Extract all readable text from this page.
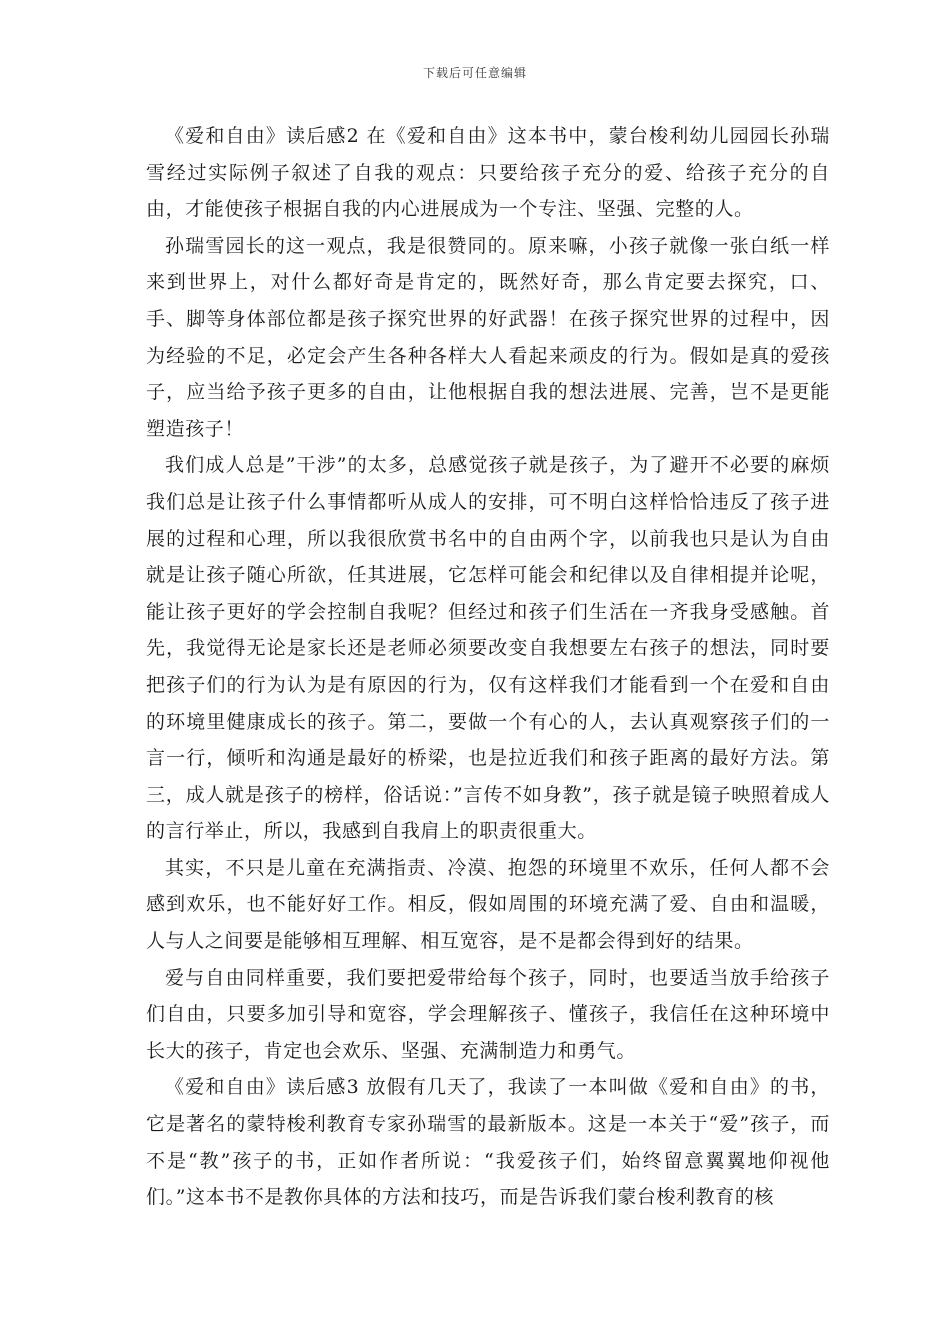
下载后可任意编辑

《爱和自由》读后感2 在《爱和自由》这本书中，蒙台梭利幼儿园园长孙瑞雪经过实际例子叙述了自我的观点：只要给孩子充分的爱、给孩子充分的自由，才能使孩子根据自我的内心进展成为一个专注、坚强、完整的人。

孙瑞雪园长的这一观点，我是很赞同的。原来嘛，小孩子就像一张白纸一样来到世界上，对什么都好奇是肯定的，既然好奇，那么肯定要去探究，口、手、脚等身体部位都是孩子探究世界的好武器！在孩子探究世界的过程中，因为经验的不足，必定会产生各种各样大人看起来顽皮的行为。假如是真的爱孩子，应当给予孩子更多的自由，让他根据自我的想法进展、完善，岂不是更能塑造孩子！

我们成人总是”干涉”的太多，总感觉孩子就是孩子，为了避开不必要的麻烦我们总是让孩子什么事情都听从成人的安排，可不明白这样恰恰违反了孩子进展的过程和心理，所以我很欣赏书名中的自由两个字，以前我也只是认为自由就是让孩子随心所欲，任其进展，它怎样可能会和纪律以及自律相提并论呢，能让孩子更好的学会控制自我呢？但经过和孩子们生活在一齐我身受感触。首先，我觉得无论是家长还是老师必须要改变自我想要左右孩子的想法，同时要把孩子们的行为认为是有原因的行为，仅有这样我们才能看到一个在爱和自由的环境里健康成长的孩子。第二，要做一个有心的人，去认真观察孩子们的一言一行，倾听和沟通是最好的桥梁，也是拉近我们和孩子距离的最好方法。第三，成人就是孩子的榜样，俗话说：”言传不如身教”，孩子就是镜子映照着成人的言行举止，所以，我感到自我肩上的职责很重大。

其实，不只是儿童在充满指责、冷漠、抱怨的环境里不欢乐，任何人都不会感到欢乐，也不能好好工作。相反，假如周围的环境充满了爱、自由和温暖，人与人之间要是能够相互理解、相互宽容，是不是都会得到好的结果。

爱与自由同样重要，我们要把爱带给每个孩子，同时，也要适当放手给孩子们自由，只要多加引导和宽容，学会理解孩子、懂孩子，我信任在这种环境中长大的孩子，肯定也会欢乐、坚强、充满制造力和勇气。

《爱和自由》读后感3 放假有几天了，我读了一本叫做《爱和自由》的书，它是著名的蒙特梭利教育专家孙瑞雪的最新版本。这是一本关于“爱”孩子，而不是“教”孩子的书，正如作者所说：“我爱孩子们，始终留意翼翼地仰视他们。”这本书不是教你具体的方法和技巧，而是告诉我们蒙台梭利教育的核
